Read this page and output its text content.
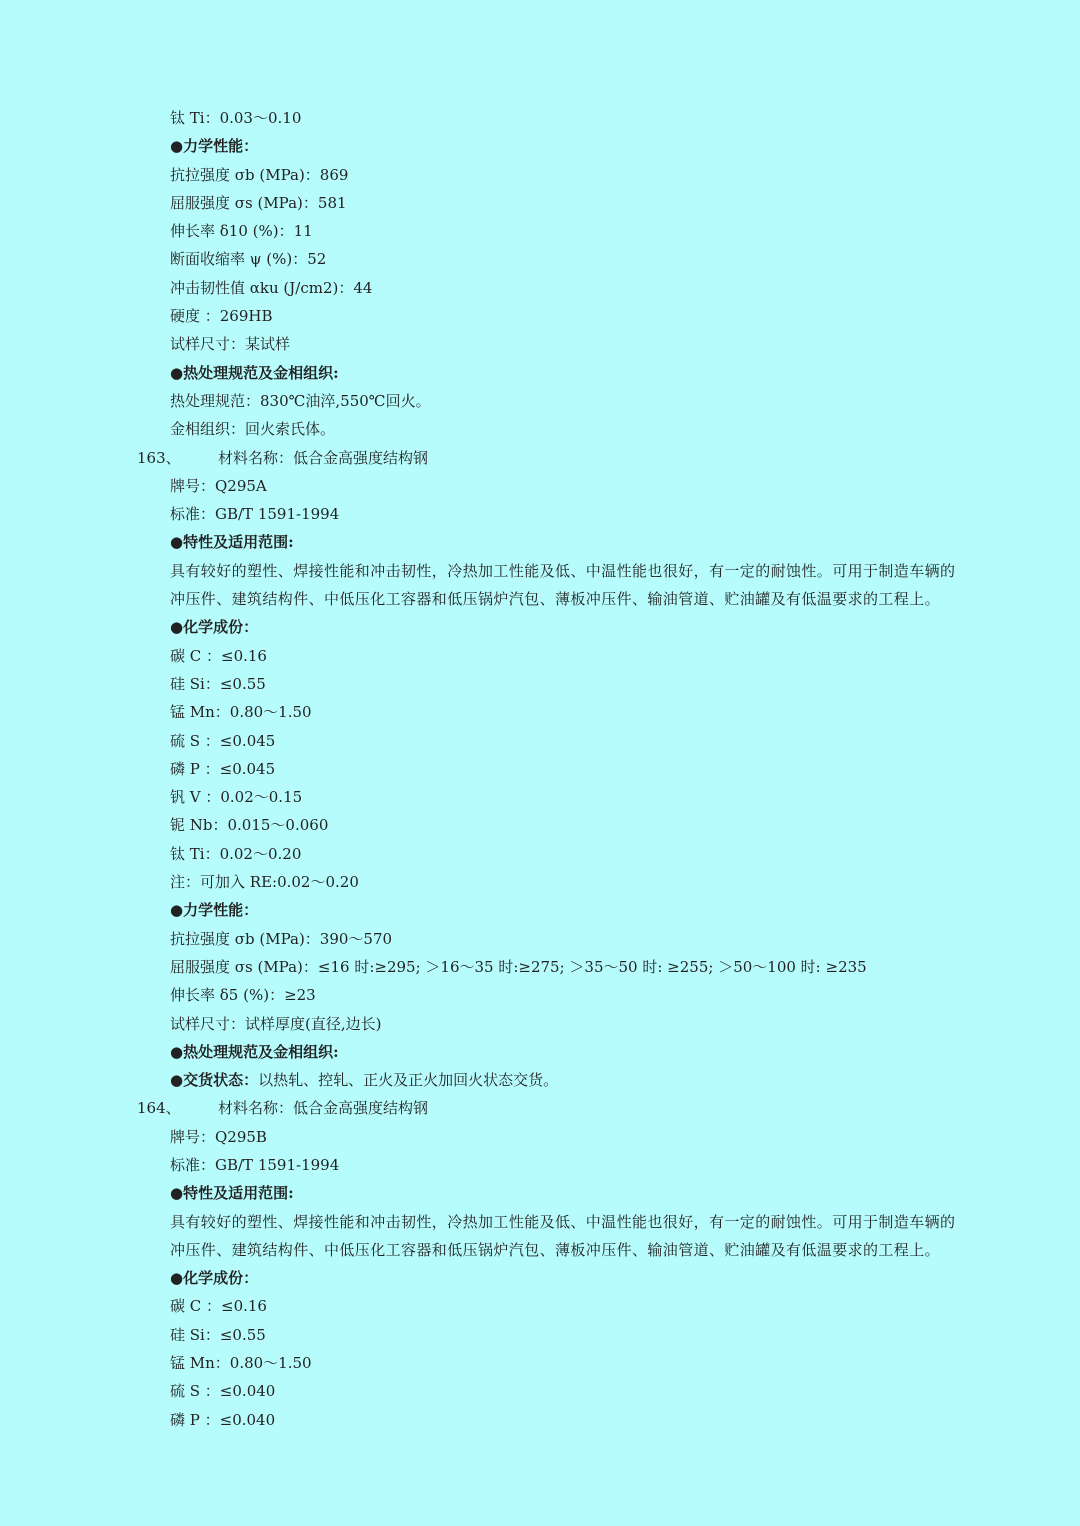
钛 Ti：0.03～0.10
●力学性能：
抗拉强度 σb (MPa)：869
屈服强度 σs (MPa)：581
伸长率 δ10 (%)：11
断面收缩率 ψ (%)：52
冲击韧性值 αku (J/cm2)：44
硬度 ：269HB
试样尺寸：某试样
●热处理规范及金相组织:
热处理规范：830℃油淬,550℃回火。
金相组织：回火索氏体。
163、 材料名称：低合金高强度结构钢
牌号：Q295A
标准：GB/T 1591-1994
●特性及适用范围:
具有较好的塑性、焊接性能和冲击韧性，冷热加工性能及低、中温性能也很好，有一定的耐蚀性。可用于制造车辆的
冲压件、建筑结构件、中低压化工容器和低压锅炉汽包、薄板冲压件、输油管道、贮油罐及有低温要求的工程上。
●化学成份：
碳 C ：≤0.16
硅 Si：≤0.55
锰 Mn：0.80～1.50
硫 S ：≤0.045
磷 P ：≤0.045
钒 V ：0.02～0.15
铌 Nb：0.015～0.060
钛 Ti：0.02～0.20
注：可加入 RE:0.02～0.20
●力学性能：
抗拉强度 σb (MPa)：390～570
屈服强度 σs (MPa)：≤16 时:≥295; ＞16～35 时:≥275; ＞35～50 时: ≥255; ＞50～100 时: ≥235
伸长率 δ5 (%)：≥23
试样尺寸：试样厚度(直径,边长)
●热处理规范及金相组织:
●交货状态：以热轧、控轧、正火及正火加回火状态交货。
164、 材料名称：低合金高强度结构钢
牌号：Q295B
标准：GB/T 1591-1994
●特性及适用范围:
具有较好的塑性、焊接性能和冲击韧性，冷热加工性能及低、中温性能也很好，有一定的耐蚀性。可用于制造车辆的
冲压件、建筑结构件、中低压化工容器和低压锅炉汽包、薄板冲压件、输油管道、贮油罐及有低温要求的工程上。
●化学成份：
碳 C ：≤0.16
硅 Si：≤0.55
锰 Mn：0.80～1.50
硫 S ：≤0.040
磷 P ：≤0.040
